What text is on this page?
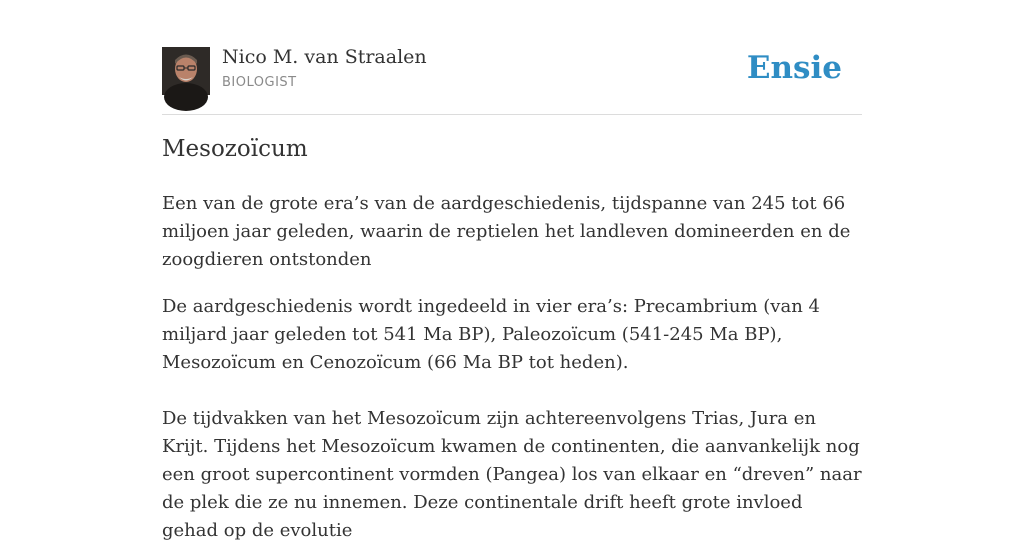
Nico M. van Straalen
BIOLOGIST	Ensie
Mesozoïcum

Een van de grote era’s van de aardgeschiedenis, tijdspanne van 245 tot 66 miljoen jaar geleden, waarin de reptielen het landleven domineerden en de zoogdieren ontstonden

De aardgeschiedenis wordt ingedeeld in vier era’s: Precambrium (van 4 miljard jaar geleden tot 541 Ma BP), Paleozoïcum (541-245 Ma BP), Mesozoïcum en Cenozoïcum (66 Ma BP tot heden).

De tijdvakken van het Mesozoïcum zijn achtereenvolgens Trias, Jura en Krijt. Tijdens het Mesozoïcum kwamen de continenten, die aanvankelijk nog een groot supercontinent vormden (Pangea) los van elkaar en “dreven” naar de plek die ze nu innemen. Deze continentale drift heeft grote invloed gehad op de evolutie
